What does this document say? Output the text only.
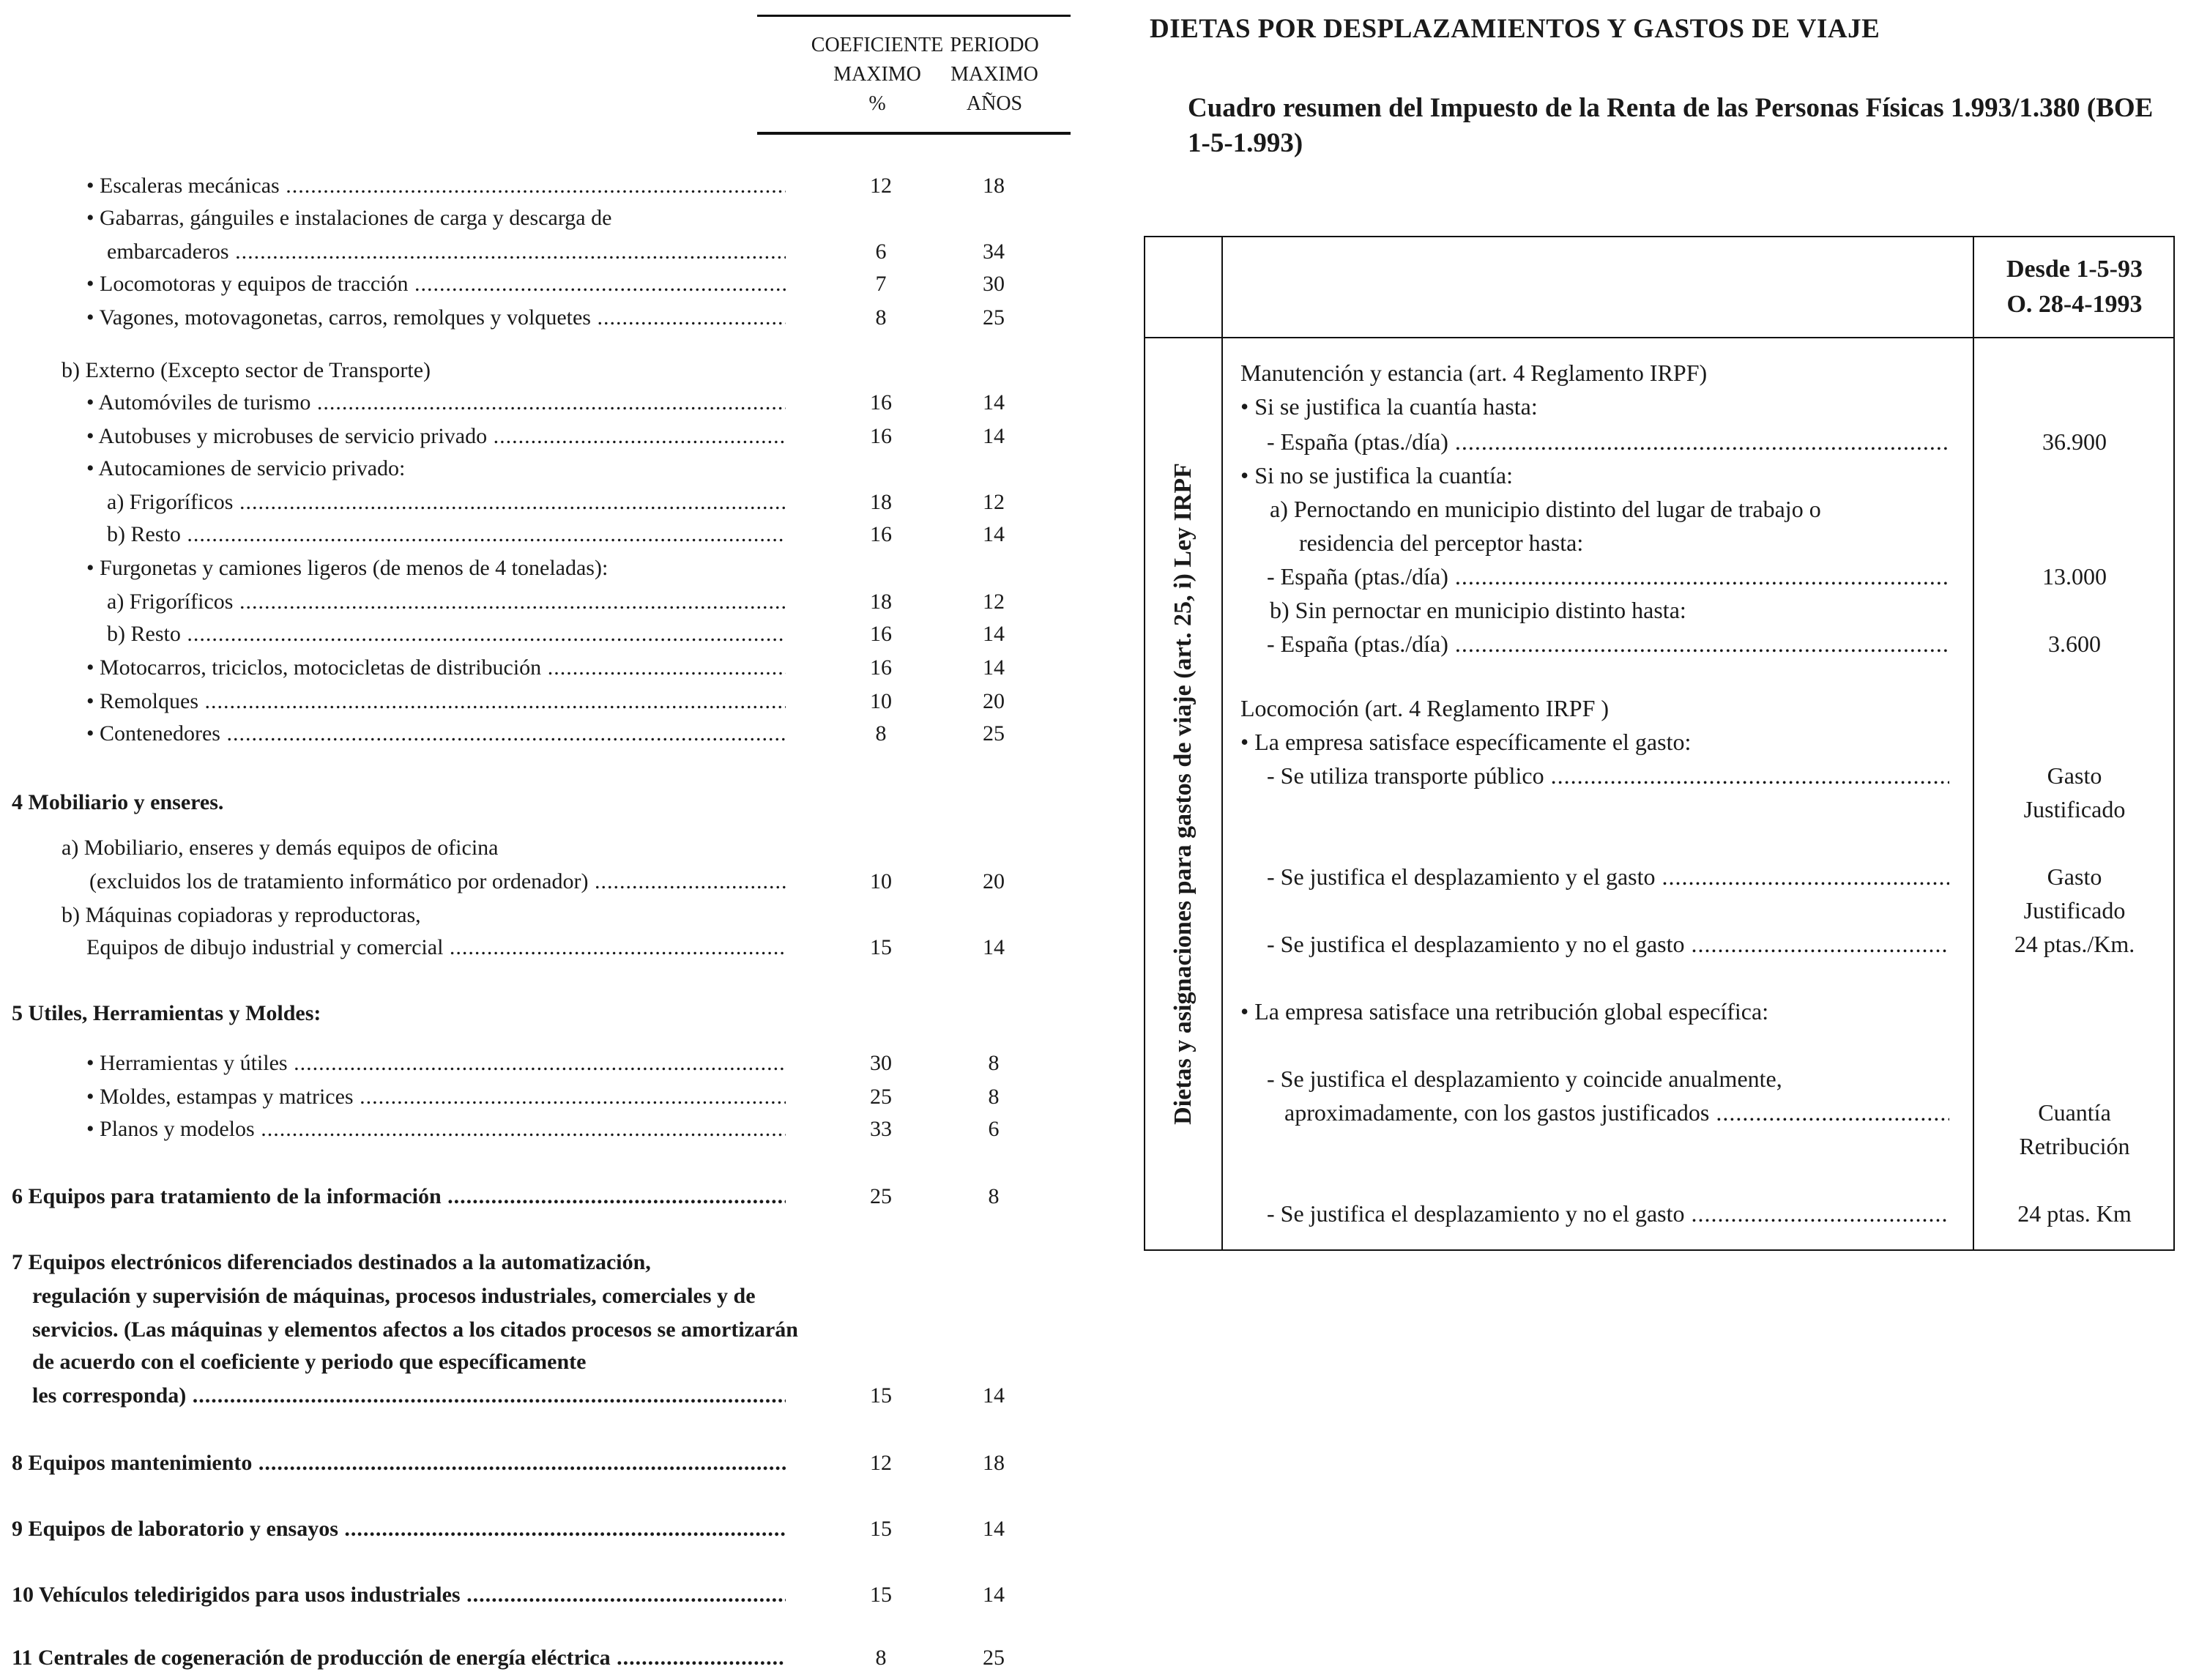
COEFICIENTE
MAXIMO
%
PERIODO
MAXIMO
AÑOS
• Escaleras mecánicas .....	12	18
• Gabarras, gánguiles e instalaciones de carga y descarga de
embarcaderos .....	6	34
• Locomotoras y equipos de tracción .....	7	30
• Vagones, motovagonetas, carros, remolques y volquetes .....	8	25
b) Externo (Excepto sector de Transporte)
• Automóviles de turismo .....	16	14
• Autobuses y microbuses de servicio privado .....	16	14
• Autocamiones de servicio privado:
a) Frigoríficos .....	18	12
b) Resto .....	16	14
• Furgonetas y camiones ligeros (de menos de 4 toneladas):
a) Frigoríficos .....	18	12
b) Resto .....	16	14
• Motocarros, triciclos, motocicletas de distribución .....	16	14
• Remolques .....	10	20
• Contenedores .....	8	25
4 Mobiliario y enseres.
a) Mobiliario, enseres y demás equipos de oficina
(excluidos los de tratamiento informático por ordenador) .....	10	20
b) Máquinas copiadoras y reproductoras,
Equipos de dibujo industrial y comercial .....	15	14
5 Utiles, Herramientas y Moldes:
• Herramientas y útiles .....	30	8
• Moldes, estampas y matrices .....	25	8
• Planos y modelos .....	33	6
6 Equipos para tratamiento de la información .....	25	8
7 Equipos electrónicos diferenciados destinados a la automatización,
regulación y supervisión de máquinas, procesos industriales, comerciales y de
servicios. (Las máquinas y elementos afectos a los citados procesos se amortizarán
de acuerdo con el coeficiente y periodo que específicamente
les corresponda) .....	15	14
8 Equipos mantenimiento .....	12	18
9 Equipos de laboratorio y ensayos .....	15	14
10 Vehículos teledirigidos para usos industriales .....	15	14
11 Centrales de cogeneración de producción de energía eléctrica .....	8	25
DIETAS POR DESPLAZAMIENTOS Y GASTOS DE VIAJE
Cuadro resumen del Impuesto de la Renta de las Personas Físicas 1.993/1.380 (BOE 1-5-1.993)
Desde 1-5-93
O. 28-4-1993
Dietas y asignaciones para gastos de viaje (art. 25, i) Ley IRPF
Manutención y estancia (art. 4 Reglamento IRPF)
• Si se justifica la cuantía hasta:
- España (ptas./día) .....	36.900
• Si no se justifica la cuantía:
a) Pernoctando en municipio distinto del lugar de trabajo o
residencia del perceptor hasta:
- España (ptas./día) .....	13.000
b) Sin pernoctar en municipio distinto hasta:
- España (ptas./día) .....	3.600
Locomoción (art. 4 Reglamento IRPF )
• La empresa satisface específicamente el gasto:
- Se utiliza transporte público .....	Gasto
Justificado
- Se justifica el desplazamiento y el gasto .....	Gasto
Justificado
- Se justifica el desplazamiento y no el gasto .....	24 ptas./Km.
• La empresa satisface una retribución global específica:
- Se justifica el desplazamiento y coincide anualmente,
aproximadamente, con los gastos justificados .....	Cuantía
Retribución
- Se justifica el desplazamiento y no el gasto .....	24 ptas. Km
